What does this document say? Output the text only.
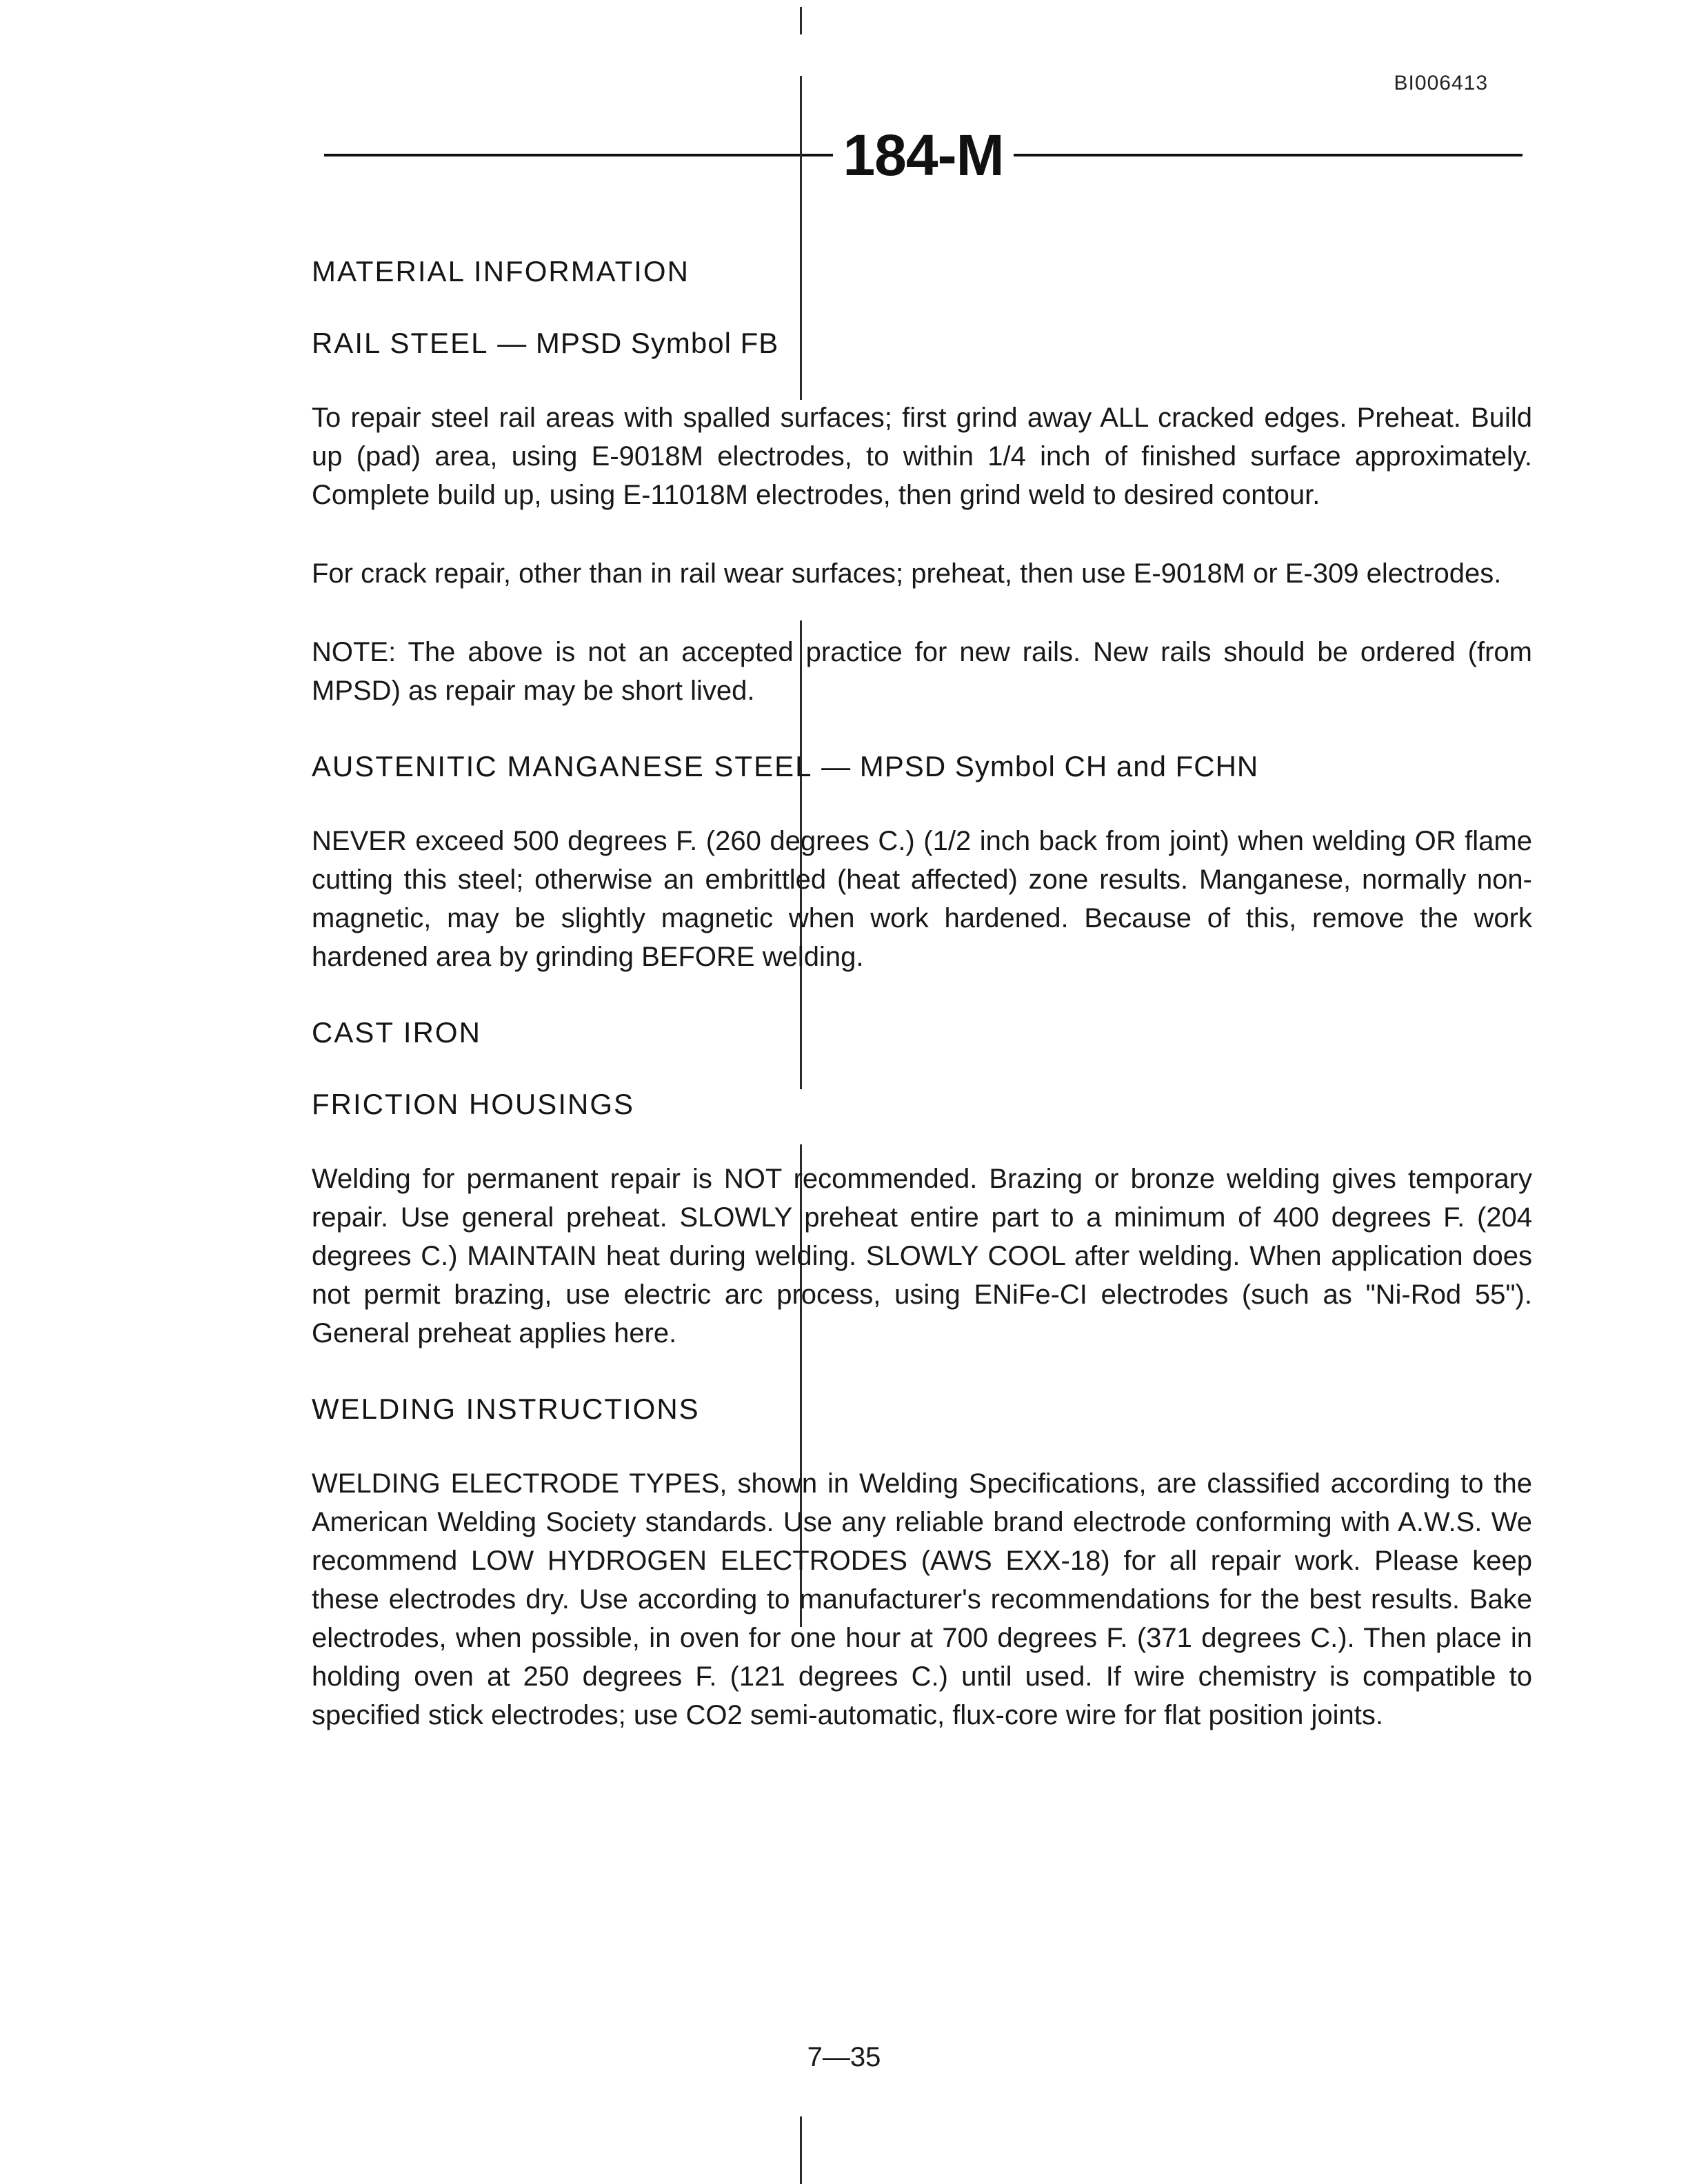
BI006413
184-M
MATERIAL INFORMATION
RAIL STEEL — MPSD Symbol FB

To repair steel rail areas with spalled surfaces; first grind away ALL cracked edges. Preheat. Build up (pad) area, using E-9018M electrodes, to within 1/4 inch of finished surface approximately. Complete build up, using E-11018M electrodes, then grind weld to desired contour.

For crack repair, other than in rail wear surfaces; preheat, then use E-9018M or E-309 electrodes.

NOTE: The above is not an accepted practice for new rails. New rails should be ordered (from MPSD) as repair may be short lived.

AUSTENITIC MANGANESE STEEL — MPSD Symbol CH and FCHN

NEVER exceed 500 degrees F. (260 degrees C.) (1/2 inch back from joint) when welding OR flame cutting this steel; otherwise an embrittled (heat affected) zone results. Manganese, normally non-magnetic, may be slightly magnetic when work hardened. Because of this, remove the work hardened area by grinding BEFORE welding.

CAST IRON
FRICTION HOUSINGS

Welding for permanent repair is NOT recommended. Brazing or bronze welding gives temporary repair. Use general preheat. SLOWLY preheat entire part to a minimum of 400 degrees F. (204 degrees C.) MAINTAIN heat during welding. SLOWLY COOL after welding. When application does not permit brazing, use electric arc process, using ENiFe-CI electrodes (such as "Ni-Rod 55"). General preheat applies here.

WELDING INSTRUCTIONS

WELDING ELECTRODE TYPES, shown in Welding Specifications, are classified according to the American Welding Society standards. Use any reliable brand electrode conforming with A.W.S. We recommend LOW HYDROGEN ELECTRODES (AWS EXX-18) for all repair work. Please keep these electrodes dry. Use according to manufacturer's recommendations for the best results. Bake electrodes, when possible, in oven for one hour at 700 degrees F. (371 degrees C.). Then place in holding oven at 250 degrees F. (121 degrees C.) until used. If wire chemistry is compatible to specified stick electrodes; use CO2 semi-automatic, flux-core wire for flat position joints.

7—35
